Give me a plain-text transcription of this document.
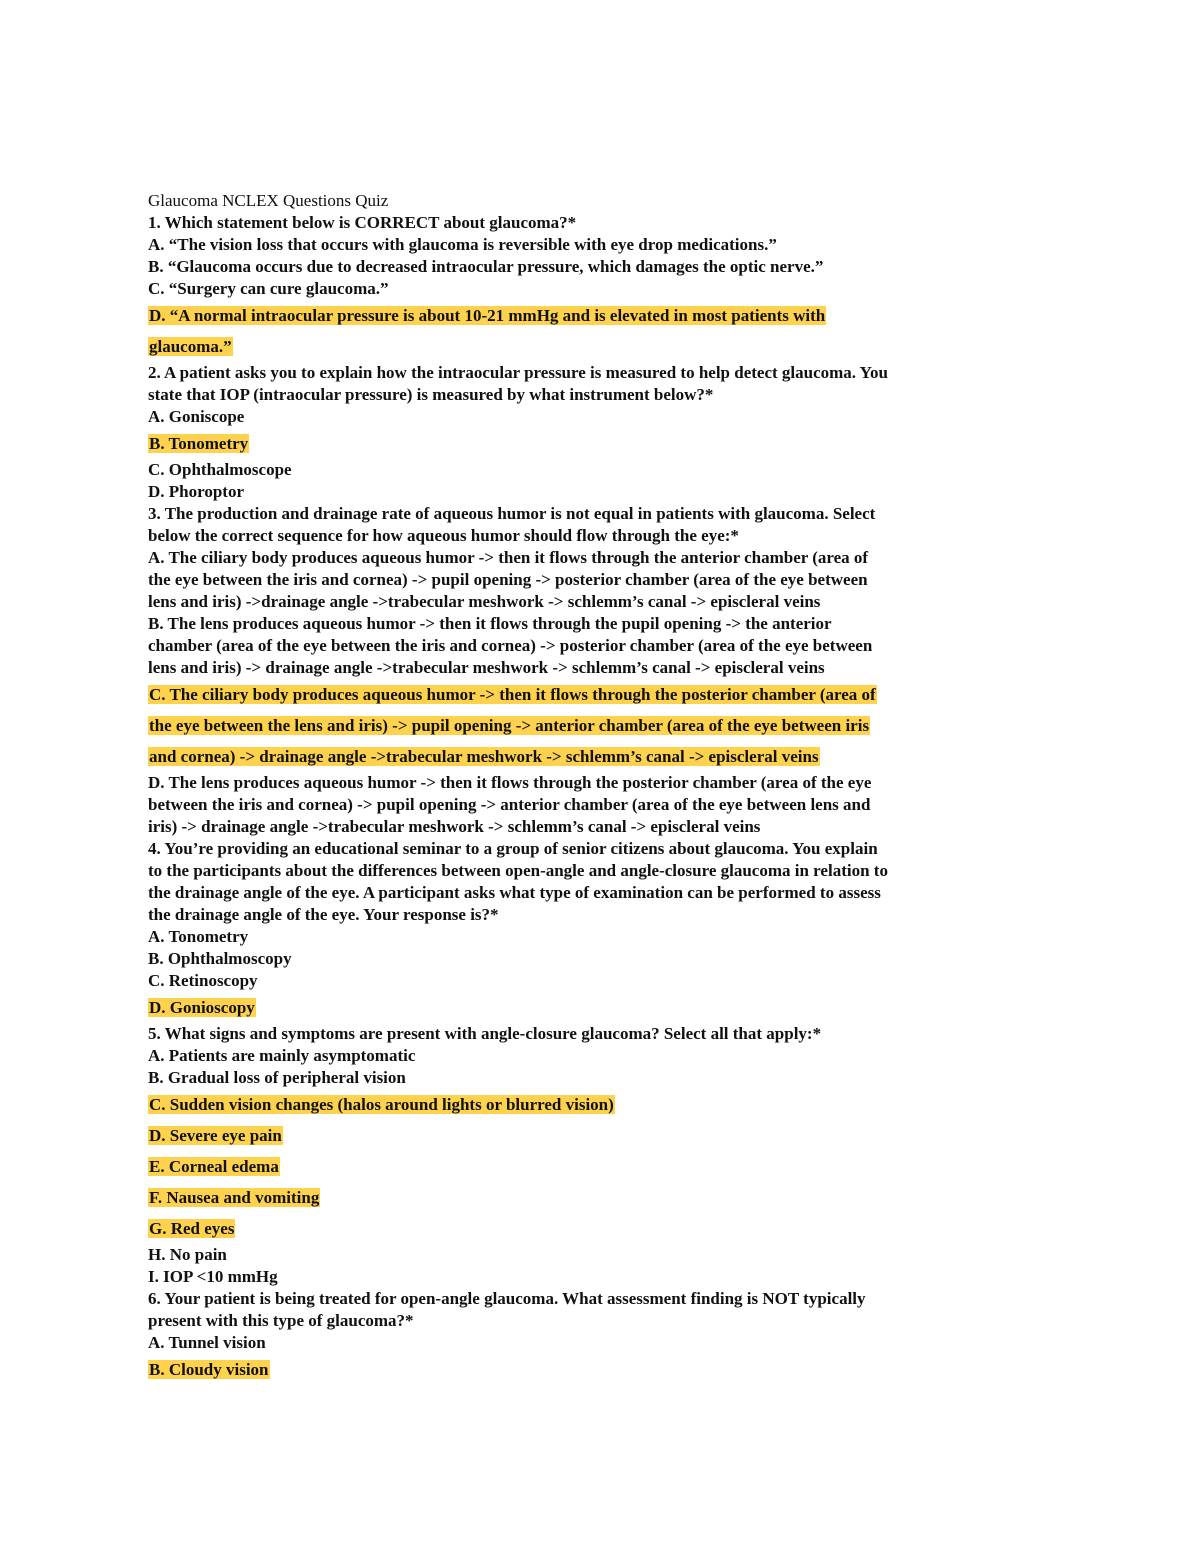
Glaucoma NCLEX Questions Quiz
1. Which statement below is CORRECT about glaucoma?*
A. “The vision loss that occurs with glaucoma is reversible with eye drop medications.”
B. “Glaucoma occurs due to decreased intraocular pressure, which damages the optic nerve.”
C. “Surgery can cure glaucoma.”
D. “A normal intraocular pressure is about 10-21 mmHg and is elevated in most patients with glaucoma.”
2. A patient asks you to explain how the intraocular pressure is measured to help detect glaucoma. You state that IOP (intraocular pressure) is measured by what instrument below?*
A. Goniscope
B. Tonometry
C. Ophthalmoscope
D. Phoroptor
3. The production and drainage rate of aqueous humor is not equal in patients with glaucoma. Select below the correct sequence for how aqueous humor should flow through the eye:*
A. The ciliary body produces aqueous humor -> then it flows through the anterior chamber (area of the eye between the iris and cornea) -> pupil opening -> posterior chamber (area of the eye between lens and iris) ->drainage angle ->trabecular meshwork -> schlemm’s canal -> episcleral veins
B. The lens produces aqueous humor -> then it flows through the pupil opening -> the anterior chamber (area of the eye between the iris and cornea) -> posterior chamber (area of the eye between lens and iris) -> drainage angle ->trabecular meshwork -> schlemm’s canal -> episcleral veins
C. The ciliary body produces aqueous humor -> then it flows through the posterior chamber (area of the eye between the lens and iris) -> pupil opening -> anterior chamber (area of the eye between iris and cornea) -> drainage angle ->trabecular meshwork -> schlemm’s canal -> episcleral veins
D. The lens produces aqueous humor -> then it flows through the posterior chamber (area of the eye between the iris and cornea) -> pupil opening -> anterior chamber (area of the eye between lens and iris) -> drainage angle ->trabecular meshwork -> schlemm’s canal -> episcleral veins
4. You’re providing an educational seminar to a group of senior citizens about glaucoma. You explain to the participants about the differences between open-angle and angle-closure glaucoma in relation to the drainage angle of the eye. A participant asks what type of examination can be performed to assess the drainage angle of the eye. Your response is?*
A. Tonometry
B. Ophthalmoscopy
C. Retinoscopy
D. Gonioscopy
5. What signs and symptoms are present with angle-closure glaucoma? Select all that apply:*
A. Patients are mainly asymptomatic
B. Gradual loss of peripheral vision
C. Sudden vision changes (halos around lights or blurred vision)
D. Severe eye pain
E. Corneal edema
F. Nausea and vomiting
G. Red eyes
H. No pain
I. IOP <10 mmHg
6. Your patient is being treated for open-angle glaucoma. What assessment finding is NOT typically present with this type of glaucoma?*
A. Tunnel vision
B. Cloudy vision
